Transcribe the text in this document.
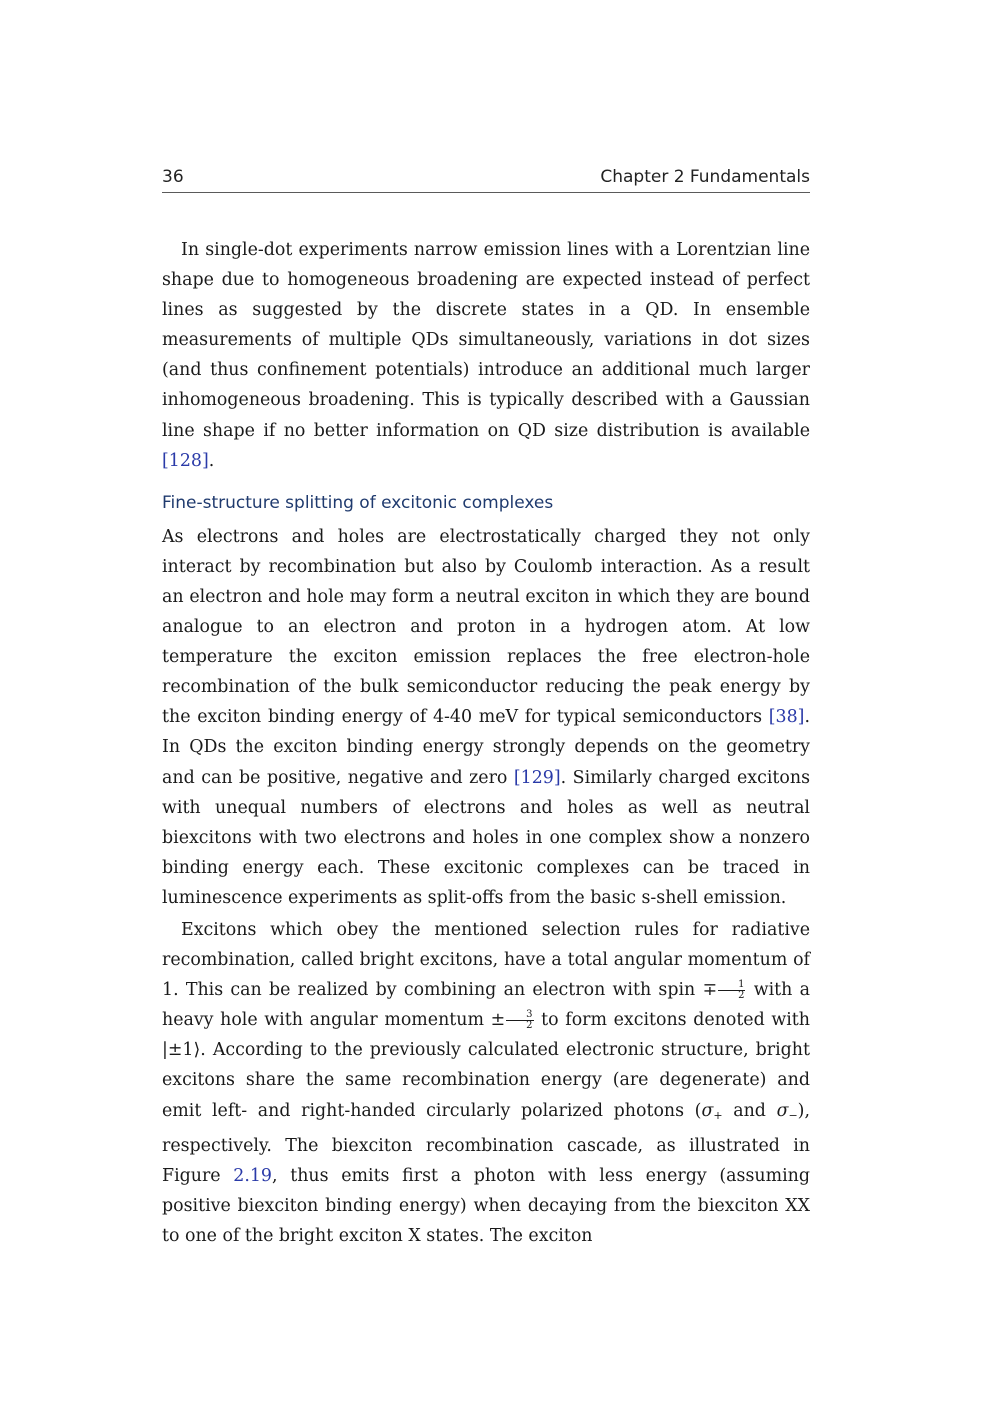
36	Chapter 2 Fundamentals

In single-dot experiments narrow emission lines with a Lorentzian line shape due to homogeneous broadening are expected instead of perfect lines as suggested by the discrete states in a QD. In ensemble measurements of multiple QDs simultaneously, variations in dot sizes (and thus confinement potentials) introduce an additional much larger inhomogeneous broadening. This is typically described with a Gaussian line shape if no better information on QD size distribution is available [128].

Fine-structure splitting of excitonic complexes

As electrons and holes are electrostatically charged they not only interact by recombination but also by Coulomb interaction. As a result an electron and hole may form a neutral exciton in which they are bound analogue to an electron and proton in a hydrogen atom. At low temperature the exciton emission replaces the free electron-hole recombination of the bulk semiconductor reducing the peak energy by the exciton binding energy of 4-40 meV for typical semiconductors [38]. In QDs the exciton binding energy strongly depends on the geometry and can be positive, negative and zero [129]. Similarly charged excitons with unequal numbers of electrons and holes as well as neutral biexcitons with two electrons and holes in one complex show a nonzero binding energy each. These excitonic complexes can be traced in luminescence experiments as split-offs from the basic s-shell emission.

Excitons which obey the mentioned selection rules for radiative recombination, called bright excitons, have a total angular momentum of 1. This can be realized by combining an electron with spin ∓ $\frac{1}{2}$ with a heavy hole with angular momentum ± $\frac{3}{2}$ to form excitons denoted with |±1⟩. According to the previously calculated electronic structure, bright excitons share the same recombination energy (are degenerate) and emit left- and right-handed circularly polarized photons ($\sigma_+$ and $\sigma_-$), respectively. The biexciton recombination cascade, as illustrated in Figure 2.19, thus emits first a photon with less energy (assuming positive biexciton binding energy) when decaying from the biexciton XX to one of the bright exciton X states. The exciton
